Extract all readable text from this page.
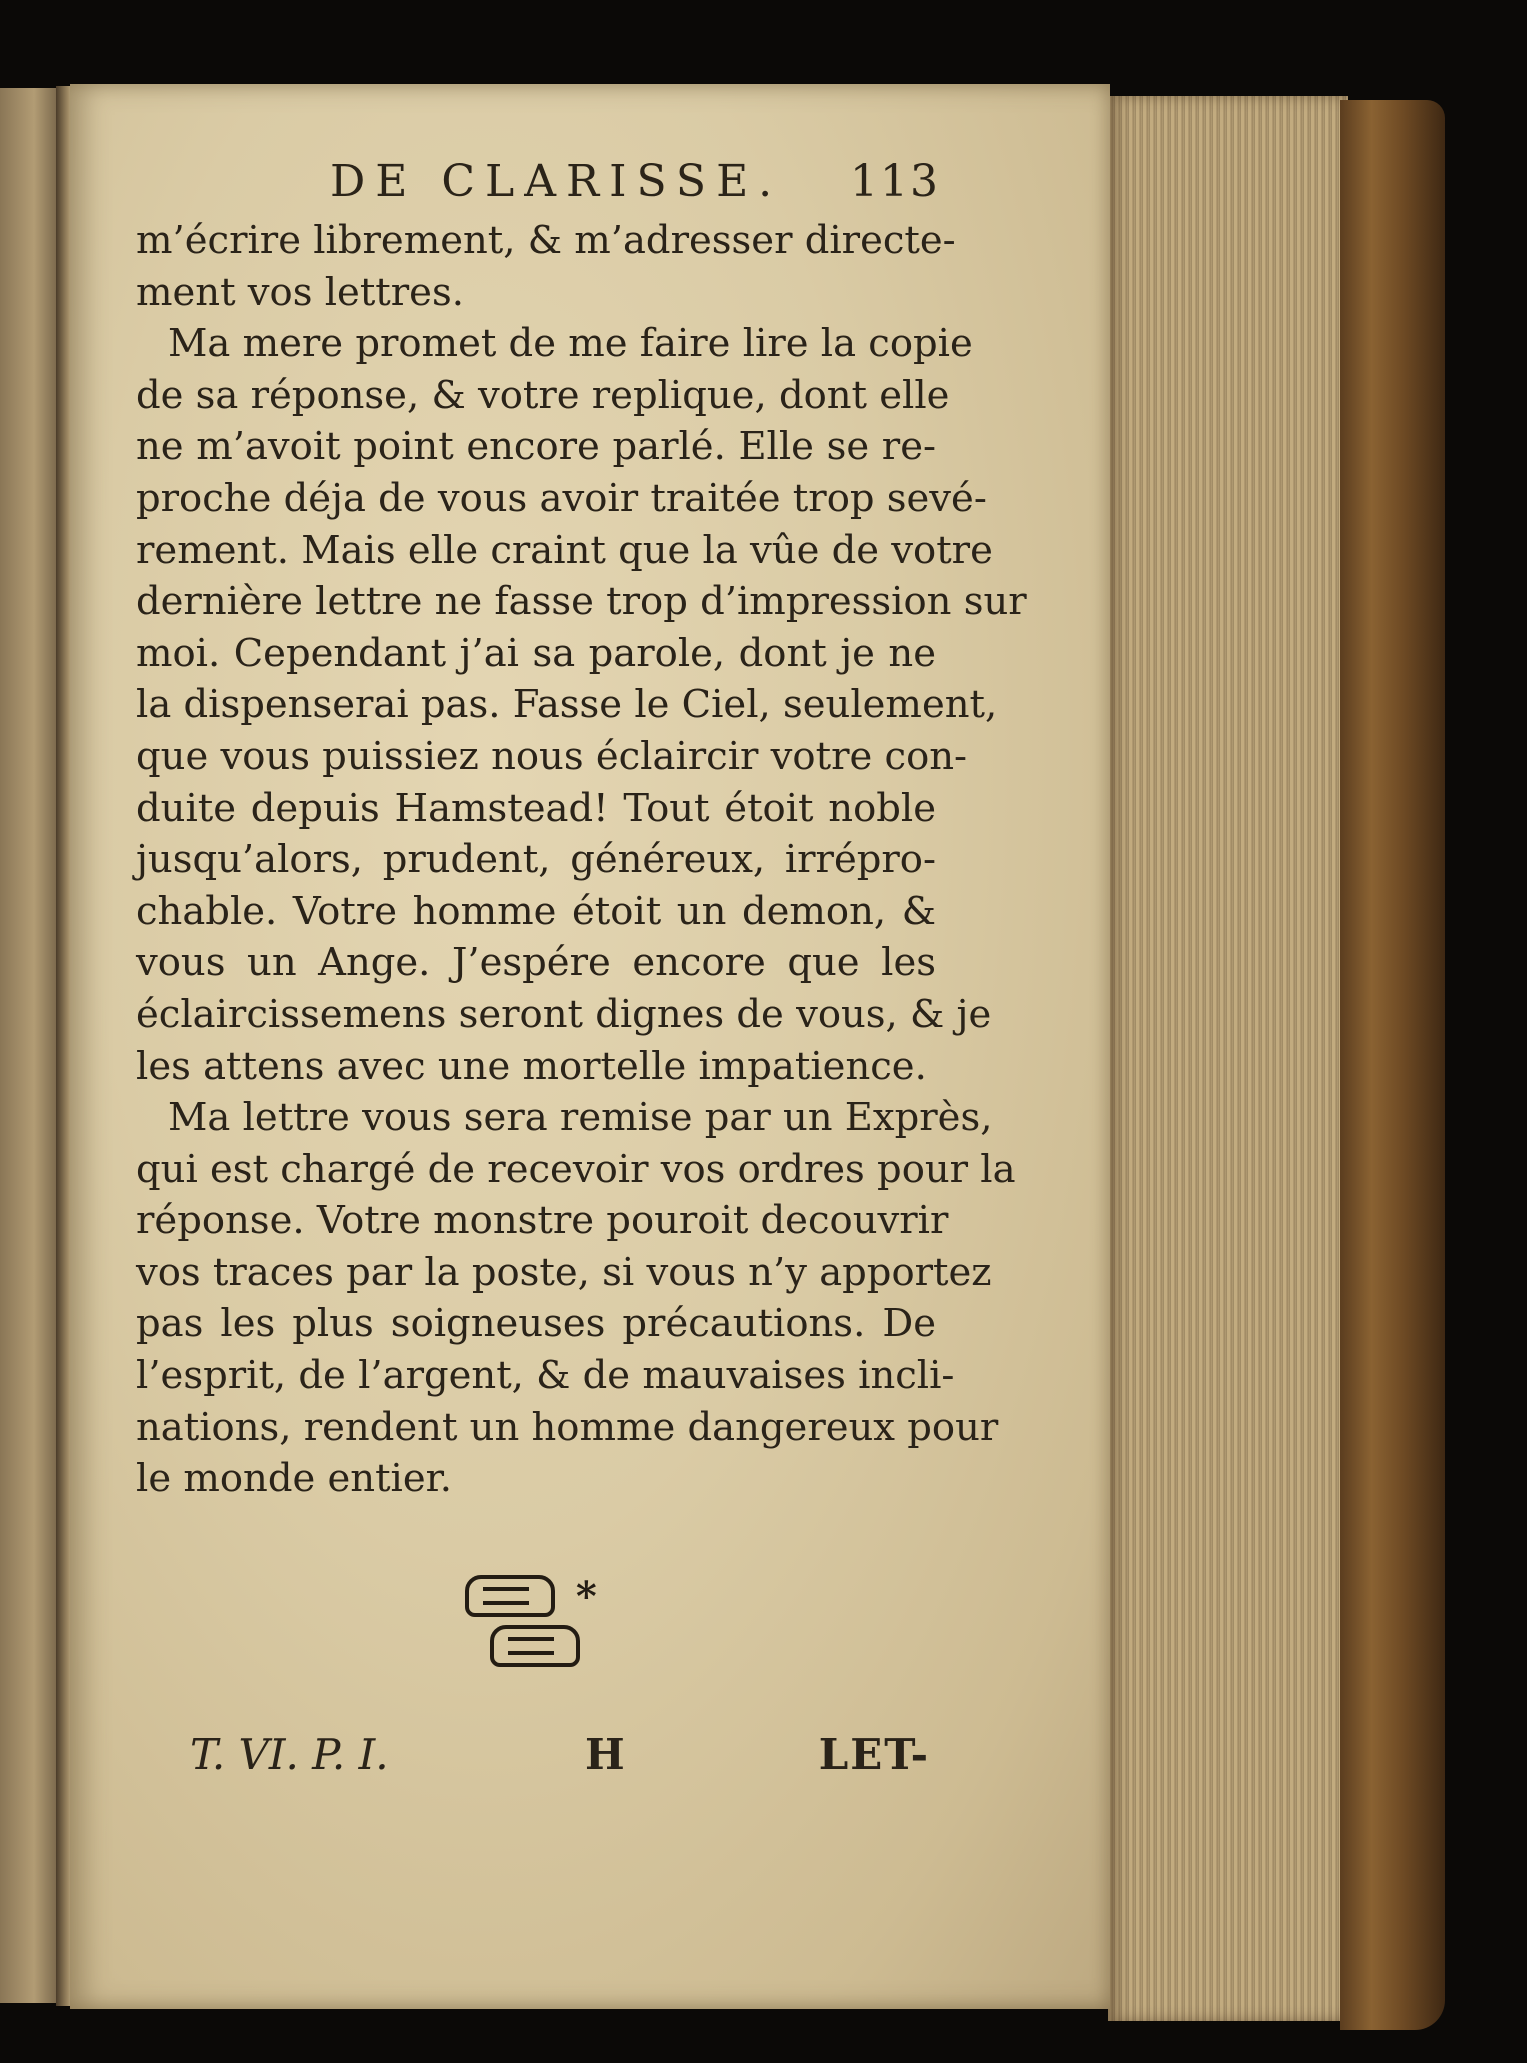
DE CLARISSE. 113
m’écrire librement, & m’adresser directe-
ment vos lettres.
Ma mere promet de me faire lire la copie
de sa réponse, & votre replique, dont elle
ne m’avoit point encore parlé. Elle se re-
proche déja de vous avoir traitée trop sevé-
rement. Mais elle craint que la vûe de votre
dernière lettre ne fasse trop d’impression sur
moi. Cependant j’ai sa parole, dont je ne
la dispenserai pas. Fasse le Ciel, seulement,
que vous puissiez nous éclaircir votre con-
duite depuis Hamstead! Tout étoit noble
jusqu’alors, prudent, généreux, irrépro-
chable. Votre homme étoit un demon, &
vous un Ange. J’espére encore que les
éclaircissemens seront dignes de vous, & je
les attens avec une mortelle impatience.
Ma lettre vous sera remise par un Exprès,
qui est chargé de recevoir vos ordres pour la
réponse. Votre monstre pouroit decouvrir
vos traces par la poste, si vous n’y apportez
pas les plus soigneuses précautions. De
l’esprit, de l’argent, & de mauvaises incli-
nations, rendent un homme dangereux pour
le monde entier.
*
T. VI. P. I.	H	LET-
